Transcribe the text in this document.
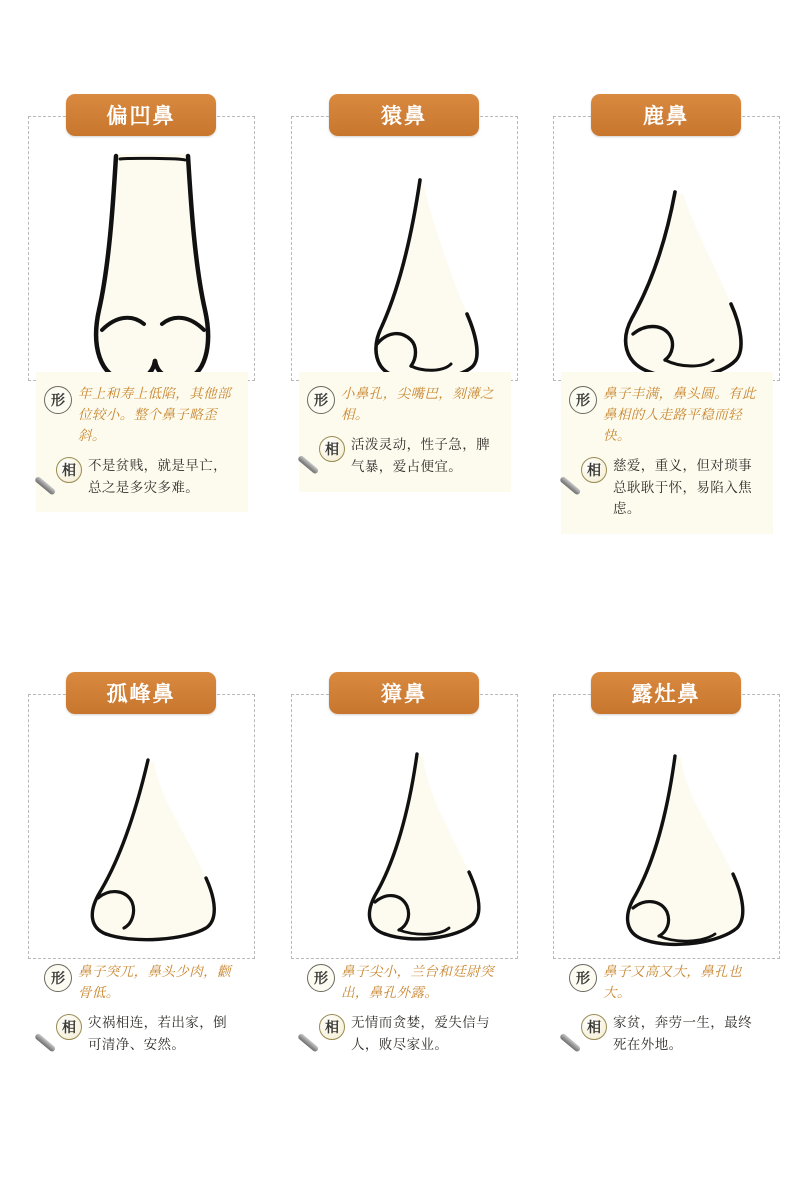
偏凹鼻
形
年上和寿上低陷，其他部位较小。整个鼻子略歪斜。
相 不是贫贱，就是早亡，总之是多灾多难。
猿鼻
形
小鼻孔，尖嘴巴，刻薄之相。
相 活泼灵动，性子急，脾气暴，爱占便宜。
鹿鼻
形
鼻子丰满，鼻头圆。有此鼻相的人走路平稳而轻快。
相 慈爱，重义，但对琐事总耿耿于怀，易陷入焦虑。
孤峰鼻
形
鼻子突兀，鼻头少肉，颧骨低。
相 灾祸相连，若出家，倒可清净、安然。
獐鼻
形
鼻子尖小，兰台和廷尉突出，鼻孔外露。
相 无情而贪婪，爱失信与人，败尽家业。
露灶鼻
形
鼻子又高又大，鼻孔也大。
相 家贫，奔劳一生，最终死在外地。
